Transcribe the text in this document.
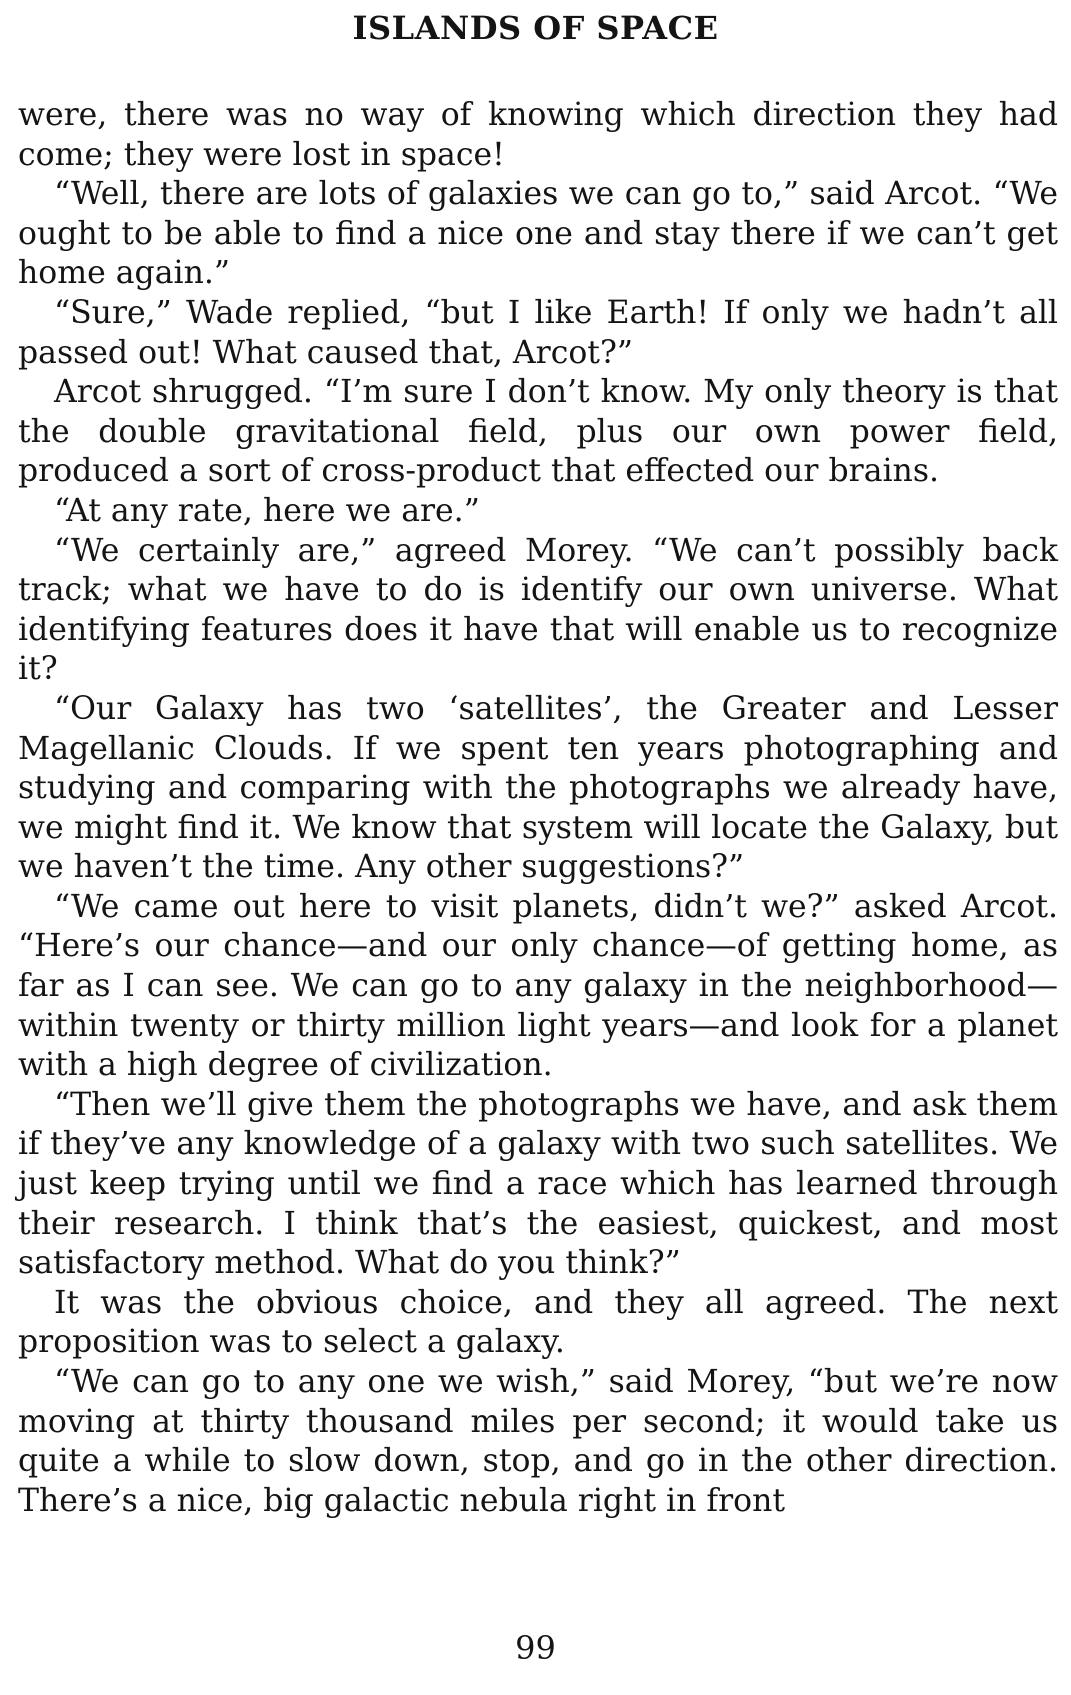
ISLANDS OF SPACE

were, there was no way of knowing which direction they had come; they were lost in space!

“Well, there are lots of galaxies we can go to,” said Arcot. “We ought to be able to find a nice one and stay there if we can’t get home again.”

“Sure,” Wade replied, “but I like Earth! If only we hadn’t all passed out! What caused that, Arcot?”

Arcot shrugged. “I’m sure I don’t know. My only theory is that the double gravitational field, plus our own power field, produced a sort of cross-product that effected our brains.

“At any rate, here we are.”

“We certainly are,” agreed Morey. “We can’t possibly back track; what we have to do is identify our own universe. What identifying features does it have that will enable us to recognize it?

“Our Galaxy has two ‘satellites’, the Greater and Lesser Magellanic Clouds. If we spent ten years photographing and studying and comparing with the photographs we already have, we might find it. We know that system will locate the Galaxy, but we haven’t the time. Any other suggestions?”

“We came out here to visit planets, didn’t we?” asked Arcot. “Here’s our chance—and our only chance—of getting home, as far as I can see. We can go to any galaxy in the neighborhood—within twenty or thirty million light years—and look for a planet with a high degree of civilization.

“Then we’ll give them the photographs we have, and ask them if they’ve any knowledge of a galaxy with two such satellites. We just keep trying until we find a race which has learned through their research. I think that’s the easiest, quickest, and most satisfactory method. What do you think?”

It was the obvious choice, and they all agreed. The next proposition was to select a galaxy.

“We can go to any one we wish,” said Morey, “but we’re now moving at thirty thousand miles per second; it would take us quite a while to slow down, stop, and go in the other direction. There’s a nice, big galactic nebula right in front

99
